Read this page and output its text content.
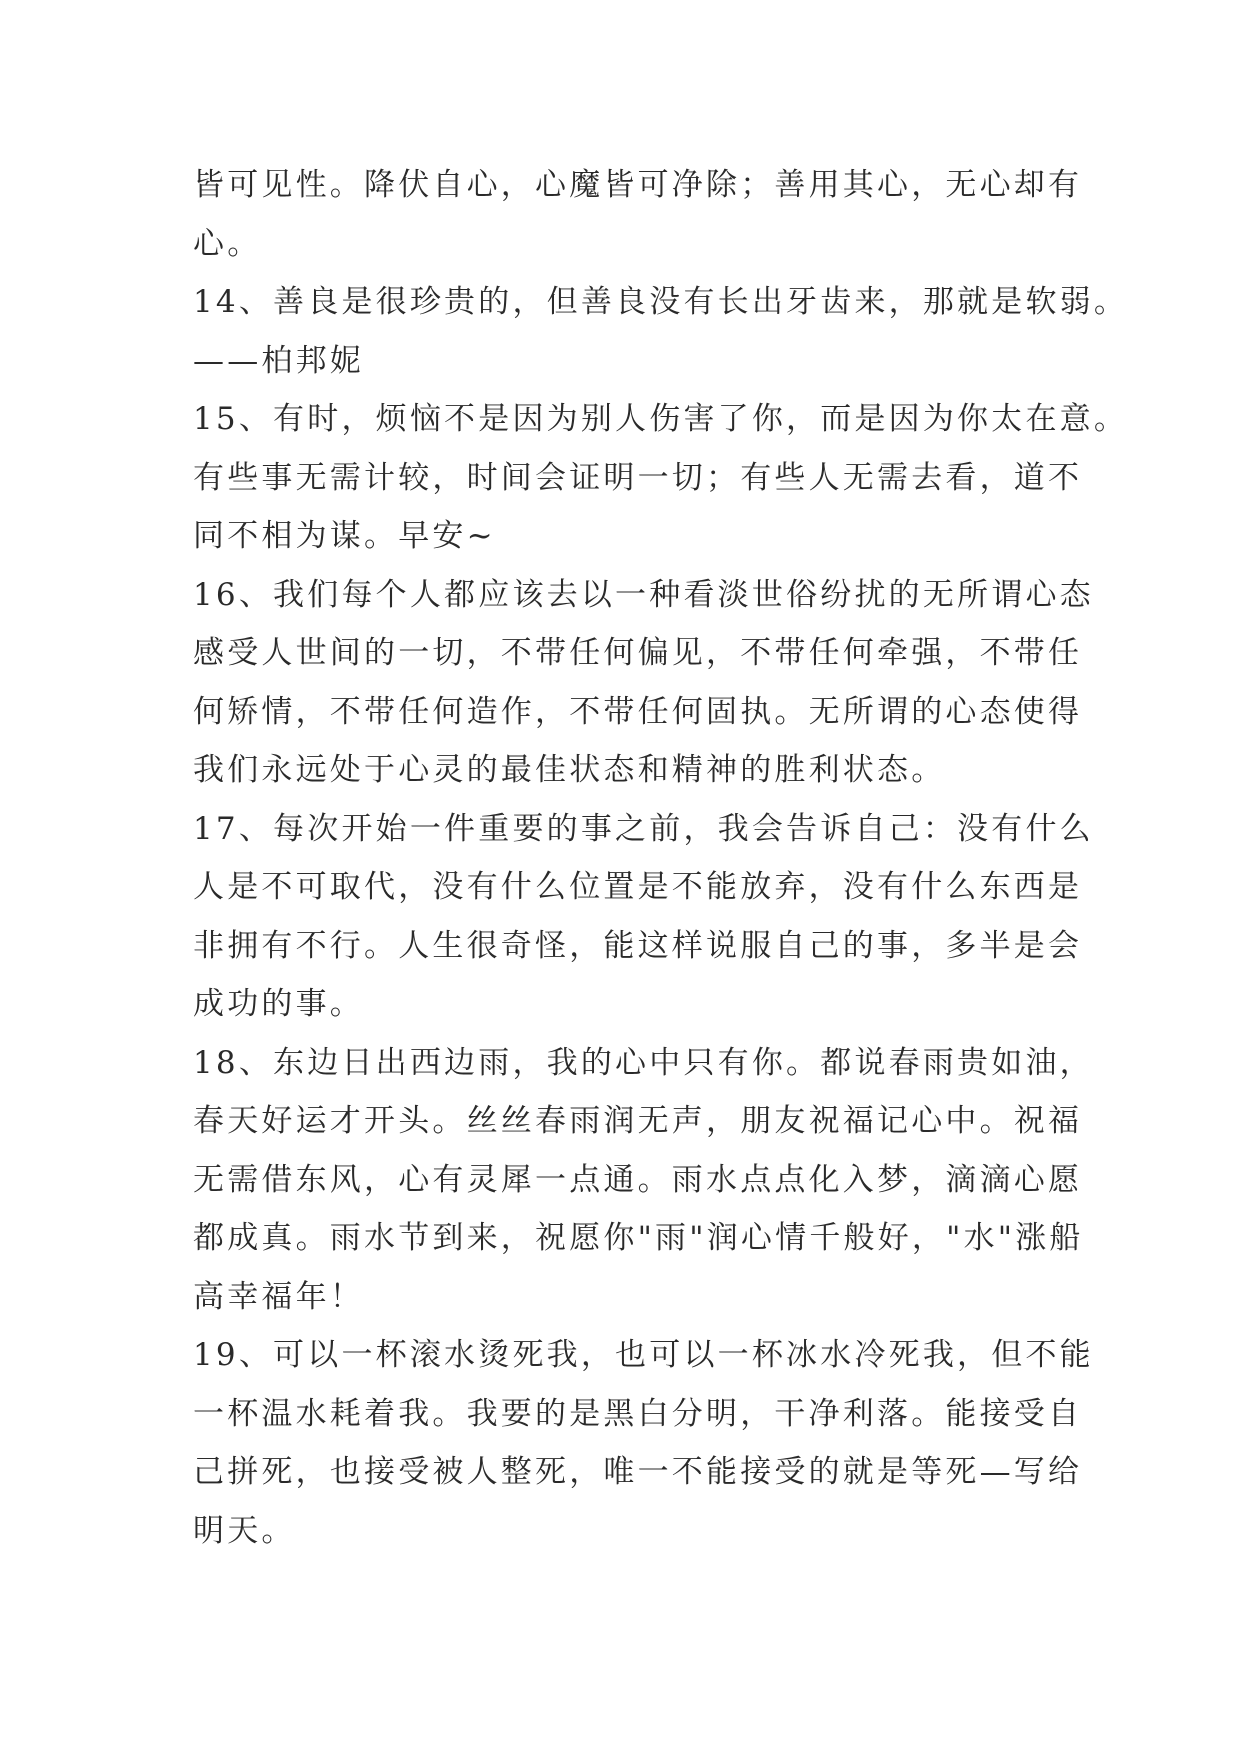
皆可见性。降伏自心，心魔皆可净除；善用其心，无心却有
心。
14、善良是很珍贵的，但善良没有长出牙齿来，那就是软弱。
——柏邦妮
15、有时，烦恼不是因为别人伤害了你，而是因为你太在意。
有些事无需计较，时间会证明一切；有些人无需去看，道不
同不相为谋。早安~
16、我们每个人都应该去以一种看淡世俗纷扰的无所谓心态
感受人世间的一切，不带任何偏见，不带任何牵强，不带任
何矫情，不带任何造作，不带任何固执。无所谓的心态使得
我们永远处于心灵的最佳状态和精神的胜利状态。
17、每次开始一件重要的事之前，我会告诉自己：没有什么
人是不可取代，没有什么位置是不能放弃，没有什么东西是
非拥有不行。人生很奇怪，能这样说服自己的事，多半是会
成功的事。
18、东边日出西边雨，我的心中只有你。都说春雨贵如油，
春天好运才开头。丝丝春雨润无声，朋友祝福记心中。祝福
无需借东风，心有灵犀一点通。雨水点点化入梦，滴滴心愿
都成真。雨水节到来，祝愿你"雨"润心情千般好，"水"涨船
高幸福年！
19、可以一杯滚水烫死我，也可以一杯冰水冷死我，但不能
一杯温水耗着我。我要的是黑白分明，干净利落。能接受自
己拼死，也接受被人整死，唯一不能接受的就是等死—写给
明天。
